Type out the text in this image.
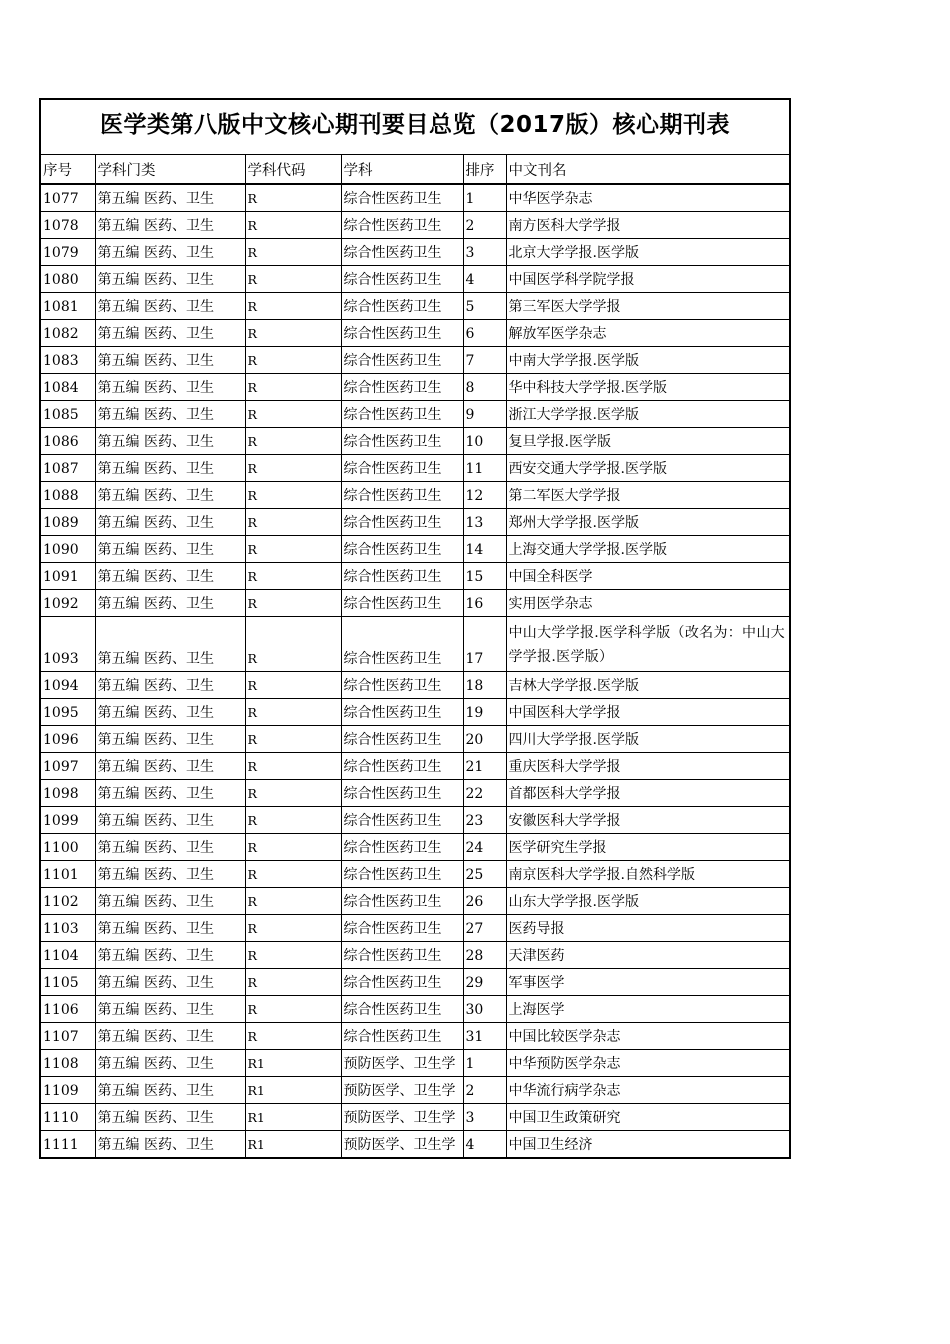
医学类第八版中文核心期刊要目总览（2017版）核心期刊表
序号	学科门类	学科代码	学科	排序	中文刊名
1077	第五编 医药、卫生	R	综合性医药卫生	1	中华医学杂志
1078	第五编 医药、卫生	R	综合性医药卫生	2	南方医科大学学报
1079	第五编 医药、卫生	R	综合性医药卫生	3	北京大学学报.医学版
1080	第五编 医药、卫生	R	综合性医药卫生	4	中国医学科学院学报
1081	第五编 医药、卫生	R	综合性医药卫生	5	第三军医大学学报
1082	第五编 医药、卫生	R	综合性医药卫生	6	解放军医学杂志
1083	第五编 医药、卫生	R	综合性医药卫生	7	中南大学学报.医学版
1084	第五编 医药、卫生	R	综合性医药卫生	8	华中科技大学学报.医学版
1085	第五编 医药、卫生	R	综合性医药卫生	9	浙江大学学报.医学版
1086	第五编 医药、卫生	R	综合性医药卫生	10	复旦学报.医学版
1087	第五编 医药、卫生	R	综合性医药卫生	11	西安交通大学学报.医学版
1088	第五编 医药、卫生	R	综合性医药卫生	12	第二军医大学学报
1089	第五编 医药、卫生	R	综合性医药卫生	13	郑州大学学报.医学版
1090	第五编 医药、卫生	R	综合性医药卫生	14	上海交通大学学报.医学版
1091	第五编 医药、卫生	R	综合性医药卫生	15	中国全科医学
1092	第五编 医药、卫生	R	综合性医药卫生	16	实用医学杂志
1093	第五编 医药、卫生	R	综合性医药卫生	17	中山大学学报.医学科学版（改名为：中山大学学报.医学版）
1094	第五编 医药、卫生	R	综合性医药卫生	18	吉林大学学报.医学版
1095	第五编 医药、卫生	R	综合性医药卫生	19	中国医科大学学报
1096	第五编 医药、卫生	R	综合性医药卫生	20	四川大学学报.医学版
1097	第五编 医药、卫生	R	综合性医药卫生	21	重庆医科大学学报
1098	第五编 医药、卫生	R	综合性医药卫生	22	首都医科大学学报
1099	第五编 医药、卫生	R	综合性医药卫生	23	安徽医科大学学报
1100	第五编 医药、卫生	R	综合性医药卫生	24	医学研究生学报
1101	第五编 医药、卫生	R	综合性医药卫生	25	南京医科大学学报.自然科学版
1102	第五编 医药、卫生	R	综合性医药卫生	26	山东大学学报.医学版
1103	第五编 医药、卫生	R	综合性医药卫生	27	医药导报
1104	第五编 医药、卫生	R	综合性医药卫生	28	天津医药
1105	第五编 医药、卫生	R	综合性医药卫生	29	军事医学
1106	第五编 医药、卫生	R	综合性医药卫生	30	上海医学
1107	第五编 医药、卫生	R	综合性医药卫生	31	中国比较医学杂志
1108	第五编 医药、卫生	R1	预防医学、卫生学	1	中华预防医学杂志
1109	第五编 医药、卫生	R1	预防医学、卫生学	2	中华流行病学杂志
1110	第五编 医药、卫生	R1	预防医学、卫生学	3	中国卫生政策研究
1111	第五编 医药、卫生	R1	预防医学、卫生学	4	中国卫生经济
